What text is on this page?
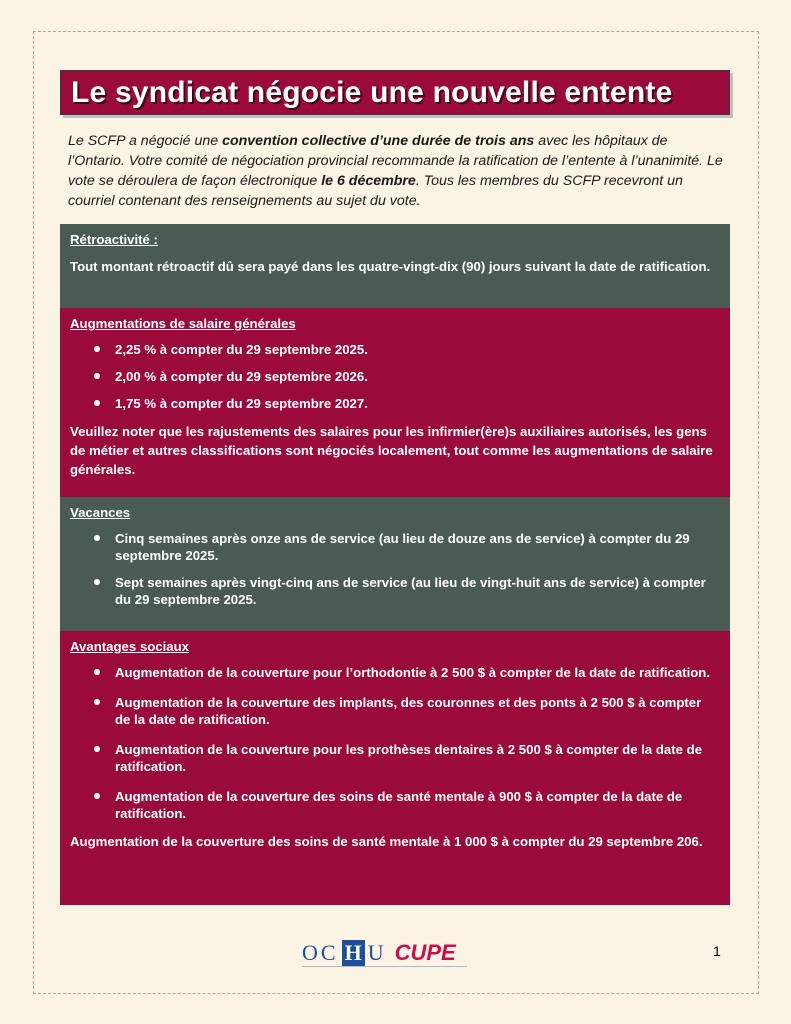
Le syndicat négocie une nouvelle entente

Le SCFP a négocié une convention collective d’une durée de trois ans avec les hôpitaux de l’Ontario. Votre comité de négociation provincial recommande la ratification de l’entente à l’unanimité. Le vote se déroulera de façon électronique le 6 décembre. Tous les membres du SCFP recevront un courriel contenant des renseignements au sujet du vote.

Rétroactivité :
Tout montant rétroactif dû sera payé dans les quatre-vingt-dix (90) jours suivant la date de ratification.
Augmentations de salaire générales
2,25 % à compter du 29 septembre 2025.
2,00 % à compter du 29 septembre 2026.
1,75 % à compter du 29 septembre 2027.
Veuillez noter que les rajustements des salaires pour les infirmier(ère)s auxiliaires autorisés, les gens de métier et autres classifications sont négociés localement, tout comme les augmentations de salaire générales.
Vacances
Cinq semaines après onze ans de service (au lieu de douze ans de service) à compter du 29 septembre 2025.
Sept semaines après vingt-cinq ans de service (au lieu de vingt-huit ans de service) à compter du 29 septembre 2025.
Avantages sociaux
Augmentation de la couverture pour l’orthodontie à 2 500 $ à compter de la date de ratification.
Augmentation de la couverture des implants, des couronnes et des ponts à 2 500 $ à compter de la date de ratification.
Augmentation de la couverture pour les prothèses dentaires à 2 500 $ à compter de la date de ratification.
Augmentation de la couverture des soins de santé mentale à 900 $ à compter de la date de ratification.
Augmentation de la couverture des soins de santé mentale à 1 000 $ à compter du 29 septembre 206.
OC H U CUPE	1
